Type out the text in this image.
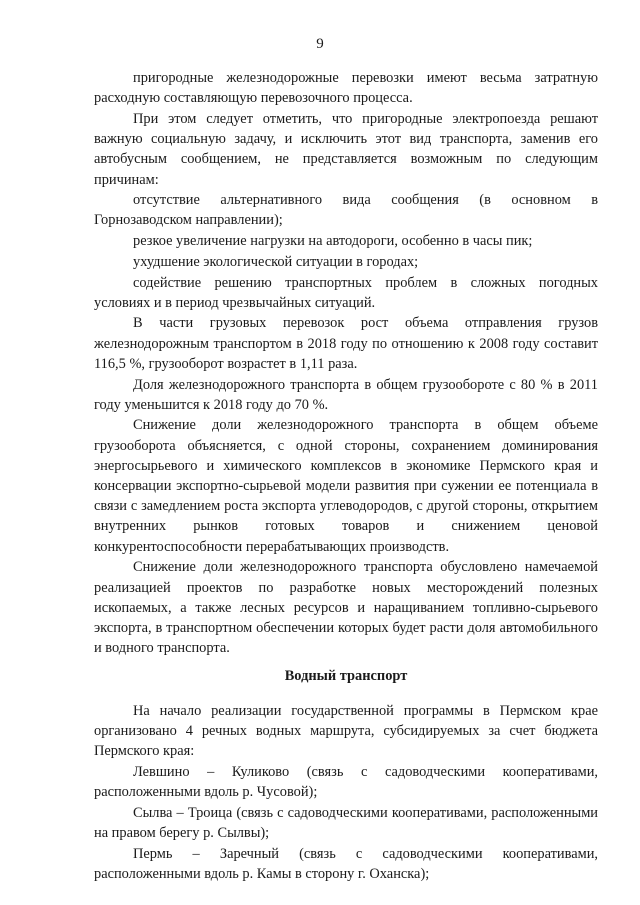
9

пригородные железнодорожные перевозки имеют весьма затратную расходную составляющую перевозочного процесса.

При этом следует отметить, что пригородные электропоезда решают важную социальную задачу, и исключить этот вид транспорта, заменив его автобусным сообщением, не представляется возможным по следующим причинам:

отсутствие альтернативного вида сообщения (в основном в Горнозаводском направлении);

резкое увеличение нагрузки на автодороги, особенно в часы пик;

ухудшение экологической ситуации в городах;

содействие решению транспортных проблем в сложных погодных условиях и в период чрезвычайных ситуаций.

В части грузовых перевозок рост объема отправления грузов железнодорожным транспортом в 2018 году по отношению к 2008 году составит 116,5 %, грузооборот возрастет в 1,11 раза.

Доля железнодорожного транспорта в общем грузообороте с 80 % в 2011 году уменьшится к 2018 году до 70 %.

Снижение доли железнодорожного транспорта в общем объеме грузооборота объясняется, с одной стороны, сохранением доминирования энергосырьевого и химического комплексов в экономике Пермского края и консервации экспортно-сырьевой модели развития при сужении ее потенциала в связи с замедлением роста экспорта углеводородов, с другой стороны, открытием внутренних рынков готовых товаров и снижением ценовой конкурентоспособности перерабатывающих производств.

Снижение доли железнодорожного транспорта обусловлено намечаемой реализацией проектов по разработке новых месторождений полезных ископаемых, а также лесных ресурсов и наращиванием топливно-сырьевого экспорта, в транспортном обеспечении которых будет расти доля автомобильного и водного транспорта.

Водный транспорт

На начало реализации государственной программы в Пермском крае организовано 4 речных водных маршрута, субсидируемых за счет бюджета Пермского края:

Левшино – Куликово (связь с садоводческими кооперативами, расположенными вдоль р. Чусовой);

Сылва – Троица (связь с садоводческими кооперативами, расположенными на правом берегу р. Сылвы);

Пермь – Заречный (связь с садоводческими кооперативами, расположенными вдоль р. Камы в сторону г. Оханска);
